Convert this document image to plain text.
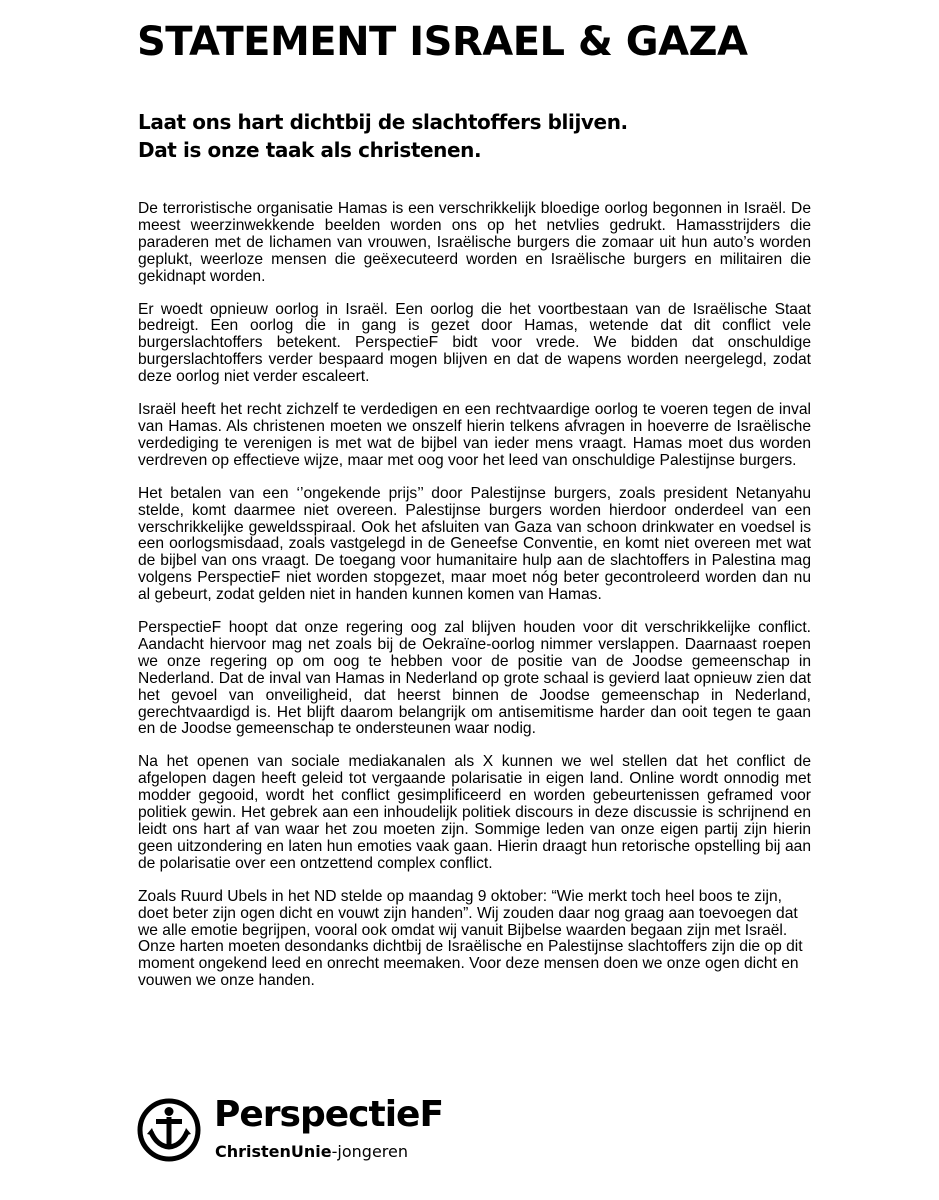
STATEMENT ISRAEL & GAZA
Laat ons hart dichtbij de slachtoffers blijven.
Dat is onze taak als christenen.

De terroristische organisatie Hamas is een verschrikkelijk bloedige oorlog begonnen in Israël. De meest weerzinwekkende beelden worden ons op het netvlies gedrukt. Hamasstrijders die paraderen met de lichamen van vrouwen, Israëlische burgers die zomaar uit hun auto’s worden geplukt, weerloze mensen die geëxecuteerd worden en Israëlische burgers en militairen die gekidnapt worden.

Er woedt opnieuw oorlog in Israël. Een oorlog die het voortbestaan van de Israëlische Staat bedreigt. Een oorlog die in gang is gezet door Hamas, wetende dat dit conflict vele burgerslachtoffers betekent. PerspectieF bidt voor vrede. We bidden dat onschuldige burgerslachtoffers verder bespaard mogen blijven en dat de wapens worden neergelegd, zodat deze oorlog niet verder escaleert.

Israël heeft het recht zichzelf te verdedigen en een rechtvaardige oorlog te voeren tegen de inval van Hamas. Als christenen moeten we onszelf hierin telkens afvragen in hoeverre de Israëlische verdediging te verenigen is met wat de bijbel van ieder mens vraagt. Hamas moet dus worden verdreven op effectieve wijze, maar met oog voor het leed van onschuldige Palestijnse burgers.

Het betalen van een ‘’ongekende prijs’’ door Palestijnse burgers, zoals president Netanyahu stelde, komt daarmee niet overeen. Palestijnse burgers worden hierdoor onderdeel van een verschrikkelijke geweldsspiraal. Ook het afsluiten van Gaza van schoon drinkwater en voedsel is een oorlogsmisdaad, zoals vastgelegd in de Geneefse Conventie, en komt niet overeen met wat de bijbel van ons vraagt. De toegang voor humanitaire hulp aan de slachtoffers in Palestina mag volgens PerspectieF niet worden stopgezet, maar moet nóg beter gecontroleerd worden dan nu al gebeurt, zodat gelden niet in handen kunnen komen van Hamas.

PerspectieF hoopt dat onze regering oog zal blijven houden voor dit verschrikkelijke conflict. Aandacht hiervoor mag net zoals bij de Oekraïne-oorlog nimmer verslappen. Daarnaast roepen we onze regering op om oog te hebben voor de positie van de Joodse gemeenschap in Nederland. Dat de inval van Hamas in Nederland op grote schaal is gevierd laat opnieuw zien dat het gevoel van onveiligheid, dat heerst binnen de Joodse gemeenschap in Nederland, gerechtvaardigd is. Het blijft daarom belangrijk om antisemitisme harder dan ooit tegen te gaan en de Joodse gemeenschap te ondersteunen waar nodig.

Na het openen van sociale mediakanalen als X kunnen we wel stellen dat het conflict de afgelopen dagen heeft geleid tot vergaande polarisatie in eigen land. Online wordt onnodig met modder gegooid, wordt het conflict gesimplificeerd en worden gebeurtenissen geframed voor politiek gewin. Het gebrek aan een inhoudelijk politiek discours in deze discussie is schrijnend en leidt ons hart af van waar het zou moeten zijn. Sommige leden van onze eigen partij zijn hierin geen uitzondering en laten hun emoties vaak gaan. Hierin draagt hun retorische opstelling bij aan de polarisatie over een ontzettend complex conflict.

Zoals Ruurd Ubels in het ND stelde op maandag 9 oktober: “Wie merkt toch heel boos te zijn, doet beter zijn ogen dicht en vouwt zijn handen”. Wij zouden daar nog graag aan toevoegen dat we alle emotie begrijpen, vooral ook omdat wij vanuit Bijbelse waarden begaan zijn met Israël. Onze harten moeten desondanks dichtbij de Israëlische en Palestijnse slachtoffers zijn die op dit moment ongekend leed en onrecht meemaken. Voor deze mensen doen we onze ogen dicht en vouwen we onze handen.

PerspectieF
ChristenUnie-jongeren
